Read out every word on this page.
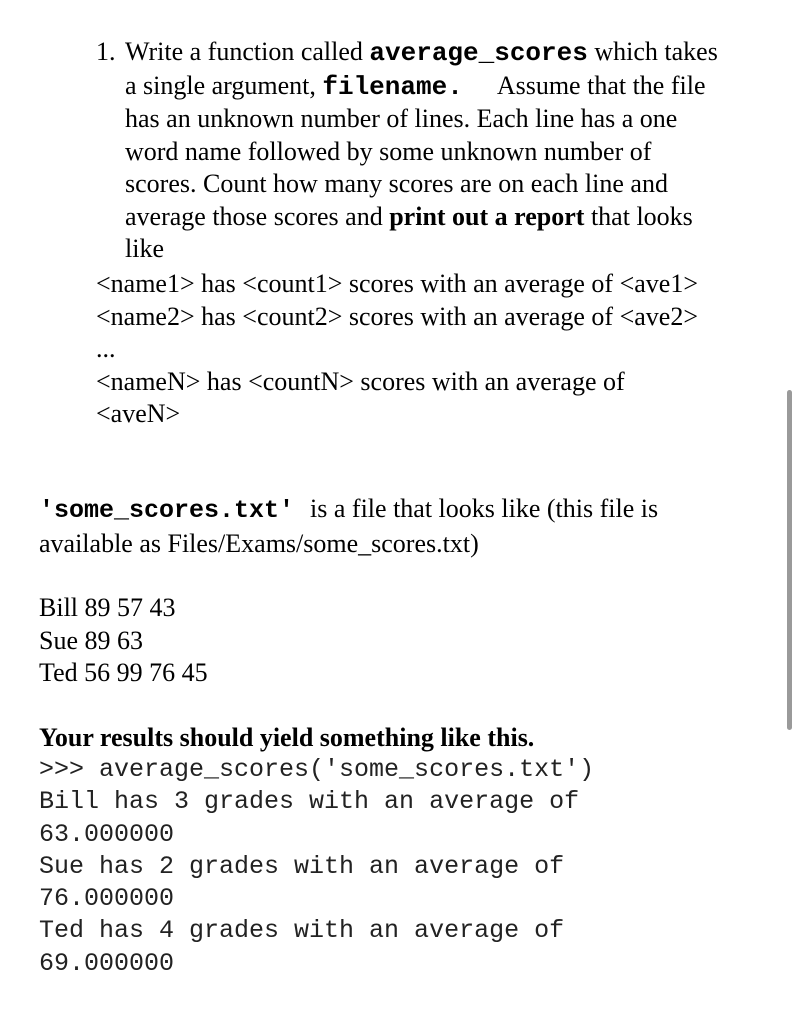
1. Write a function called average_scores which takes

a single argument, filename. Assume that the file

has an unknown number of lines. Each line has a one

word name followed by some unknown number of

scores. Count how many scores are on each line and

average those scores and print out a report that looks

like

<name1> has <count1> scores with an average of <ave1>

<name2> has <count2> scores with an average of <ave2>

...

<nameN> has <countN> scores with an average of

<aveN>

'some_scores.txt' is a file that looks like (this file is

available as Files/Exams/some_scores.txt)

Bill 89 57 43

Sue 89 63

Ted 56 99 76 45

Your results should yield something like this.

>>> average_scores('some_scores.txt')

Bill has 3 grades with an average of

63.000000

Sue has 2 grades with an average of

76.000000

Ted has 4 grades with an average of

69.000000
